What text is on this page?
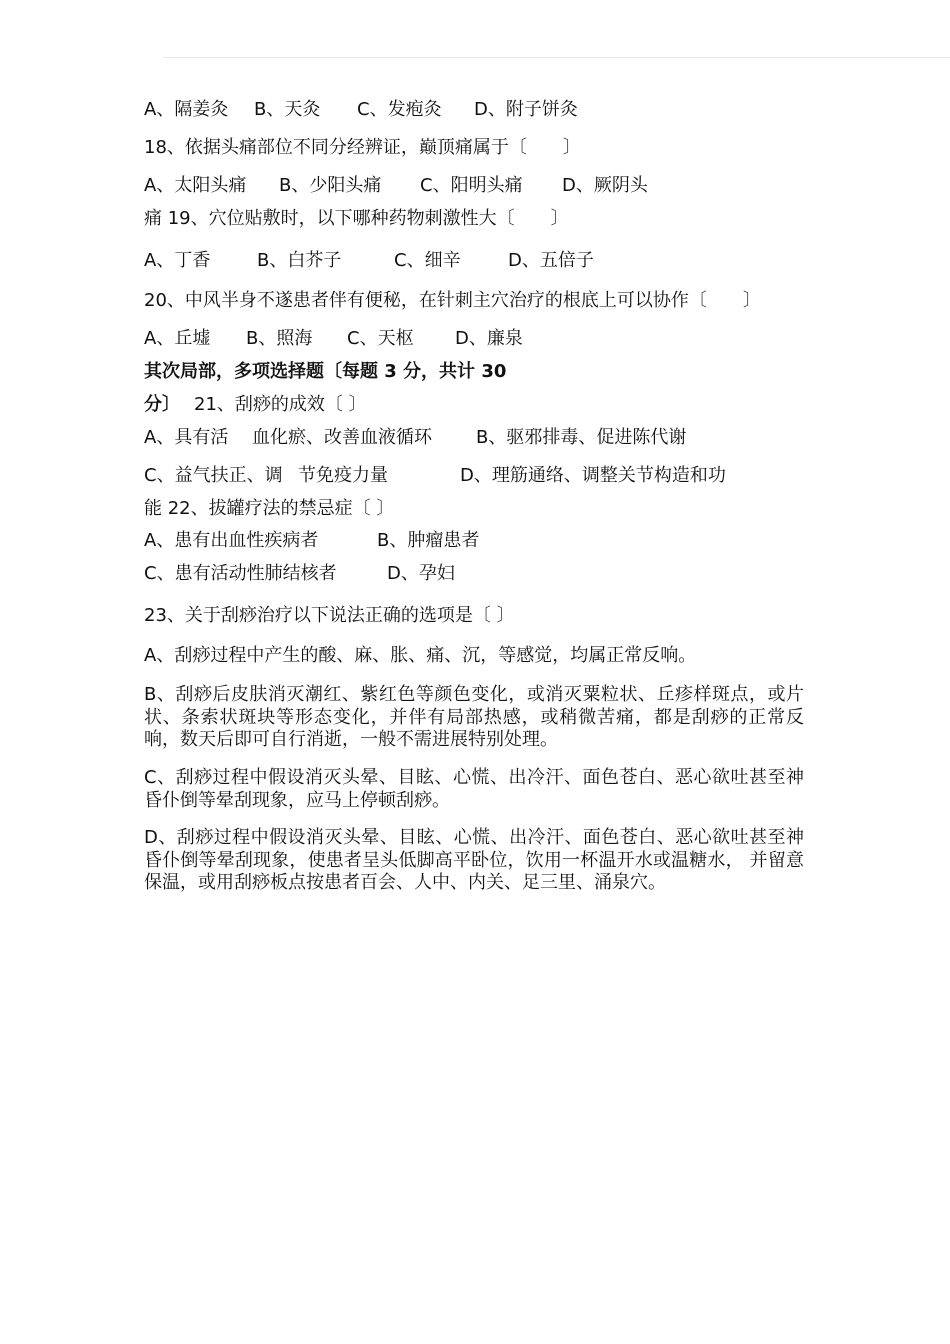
A、隔姜灸 B、天灸 C、发疱灸 D、附子饼灸
18、依据头痛部位不同分经辨证，巅顶痛属于〔　　〕
A、太阳头痛 B、少阳头痛 C、阳明头痛 D、厥阴头
痛 19、穴位贴敷时，以下哪种药物刺激性大〔　　〕
A、丁香	B、白芥子	C、细辛	D、五倍子
20、中风半身不遂患者伴有便秘，在针刺主穴治疗的根底上可以协作〔　　〕
A、丘墟 B、照海 C、天枢 D、廉泉
其次局部，多项选择题〔每题 3 分，共计 30
分〕 21、刮痧的成效〔 〕
A、具有活 血化瘀、改善血液循环 B、驱邪排毒、促进陈代谢
C、益气扶正、调 节免疫力量	D、理筋通络、调整关节构造和功
能 22、拔罐疗法的禁忌症〔 〕
A、患有出血性疾病者	B、肿瘤患者
C、患有活动性肺结核者	D、孕妇
23、关于刮痧治疗以下说法正确的选项是〔 〕
A、刮痧过程中产生的酸、麻、胀、痛、沉，等感觉，均属正常反响。
B、刮痧后皮肤消灭潮红、紫红色等颜色变化，或消灭粟粒状、丘疹样斑点，或片状、条索状斑块等形态变化，并伴有局部热感，或稍微苦痛，都是刮痧的正常反响，数天后即可自行消逝，一般不需进展特别处理。
C、刮痧过程中假设消灭头晕、目眩、心慌、出冷汗、面色苍白、恶心欲吐甚至神昏仆倒等晕刮现象，应马上停顿刮痧。
D、刮痧过程中假设消灭头晕、目眩、心慌、出冷汗、面色苍白、恶心欲吐甚至神昏仆倒等晕刮现象，使患者呈头低脚高平卧位，饮用一杯温开水或温糖水， 并留意保温，或用刮痧板点按患者百会、人中、内关、足三里、涌泉穴。
